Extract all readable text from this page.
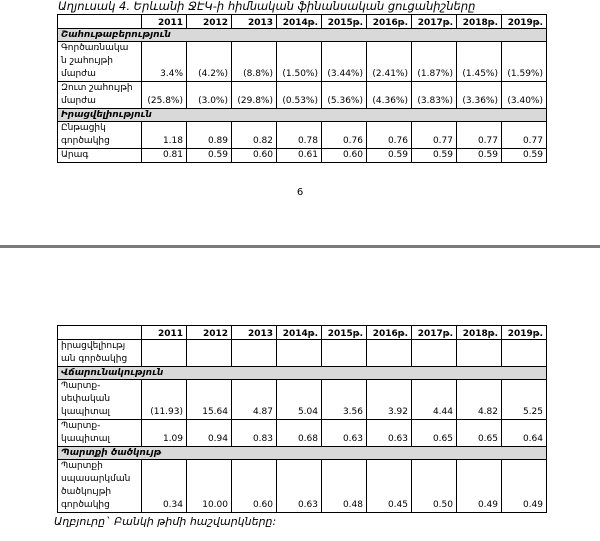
Աղյուսակ 4. Երևանի ՋԷԿ-ի հիմնական ֆինանսական ցուցանիշները
	2011	2012	2013	2014թ.	2015թ.	2016թ.	2017թ.	2018թ.	2019թ.
Շահութաբերություն									
Գործառնակա
ն շահույթի
մարժա	3.4%	(4.2%)	(8.8%)	(1.50%)	(3.44%)	(2.41%)	(1.87%)	(1.45%)	(1.59%)
Զուտ շահույթի
մարժա	(25.8%)	(3.0%)	(29.8%)	(0.53%)	(5.36%)	(4.36%)	(3.83%)	(3.36%)	(3.40%)
Իրացվելիություն									
Ընթացիկ
գործակից	1.18	0.89	0.82	0.78	0.76	0.76	0.77	0.77	0.77
Արագ	0.81	0.59	0.60	0.61	0.60	0.59	0.59	0.59	0.59
6
	2011	2012	2013	2014թ.	2015թ.	2016թ.	2017թ.	2018թ.	2019թ.
իրացվելիությ
ան գործակից									
Վճարունակություն									
Պարտք-
սեփական
կապիտալ	(11.93)	15.64	4.87	5.04	3.56	3.92	4.44	4.82	5.25
Պարտք-
կապիտալ	1.09	0.94	0.83	0.68	0.63	0.63	0.65	0.65	0.64
Պարտքի ծածկույթ									
Պարտքի
սպասարկման
ծածկույթի
գործակից	0.34	10.00	0.60	0.63	0.48	0.45	0.50	0.49	0.49
Աղբյուրը` Բանկի թիմի հաշվարկները:
